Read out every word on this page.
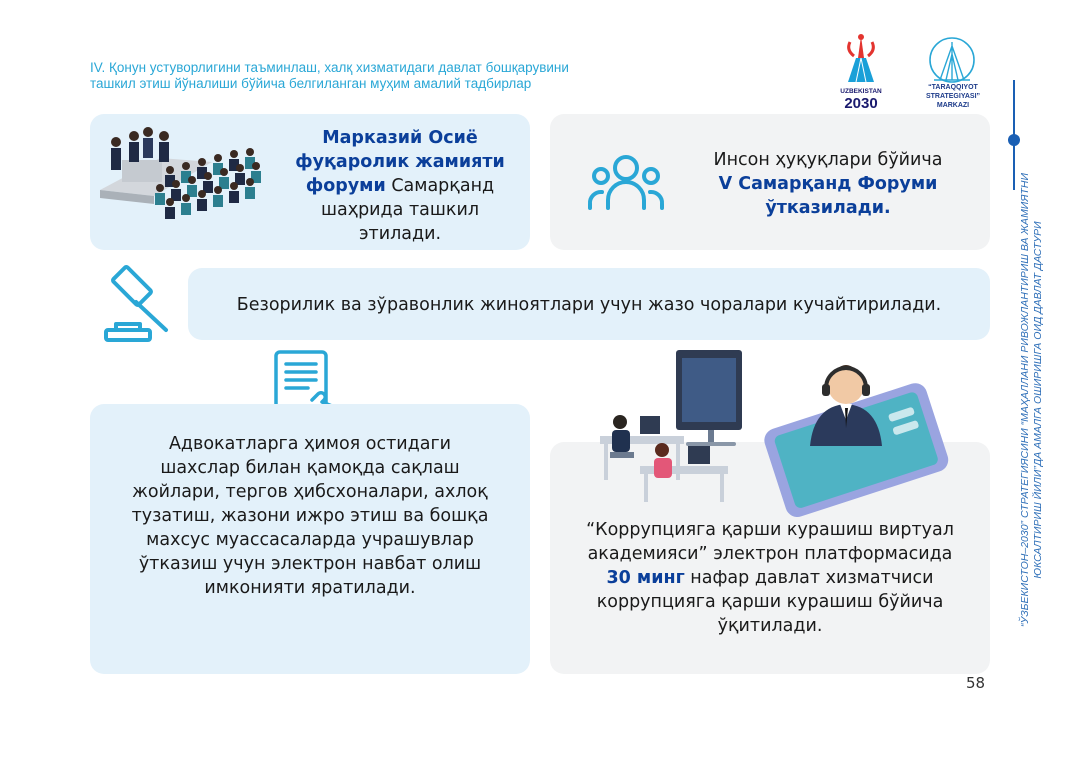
IV. Қонун устуворлигини таъминлаш, халқ хизматидаги давлат бошқарувини
ташкил этиш йўналиши бўйича белгиланган муҳим амалий тадбирлар
UZBEKISTAN
2030
“TARAQQIYOT STRATEGIYASI”
MARKAZI
“ЎЗБЕКИСТОН–2030” СТРАТЕГИЯСИНИ “МАҲАЛЛАНИ РИВОЖЛАНТИРИШ ВА ЖАМИЯТНИ ЮКСАЛТИРИШ ЙИЛИ”ДА АМАЛГА ОШИРИШГА ОИД ДАВЛАТ ДАСТУРИ
Марказий Осиё фуқаролик жамияти форуми Самарқанд шаҳрида ташкил этилади.
Инсон ҳуқуқлари бўйича
V Самарқанд Форуми ўтказилади.
Безорилик ва зўравонлик жиноятлари учун жазо чоралари кучайтирилади.
Адвокатларга ҳимоя остидаги шахслар билан қамоқда сақлаш жойлари, тергов ҳибсхоналари, ахлоқ тузатиш, жазони ижро этиш ва бошқа махсус муассасаларда учрашувлар ўтказиш учун электрон навбат олиш имконияти яратилади.
“Коррупцияга қарши курашиш виртуал академияси” электрон платформасида 30 минг нафар давлат хизматчиси коррупцияга қарши курашиш бўйича ўқитилади.
58
